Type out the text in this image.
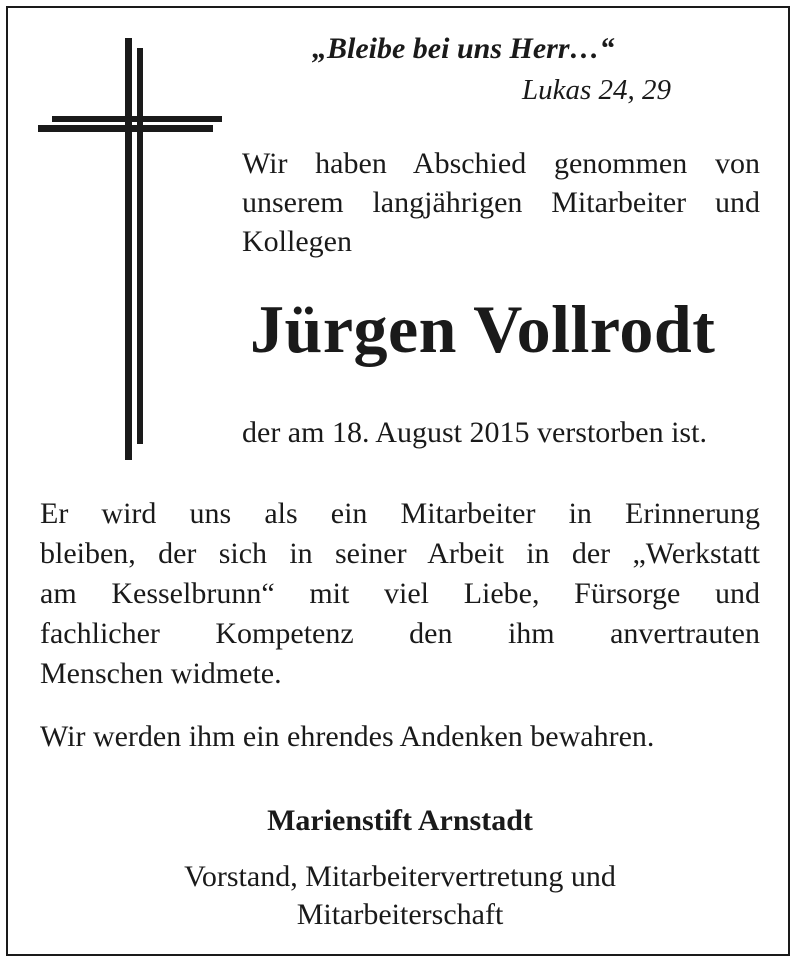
„Bleibe bei uns Herr…“
Lukas 24, 29
Wir haben Abschied genommen von
unserem langjährigen Mitarbeiter und
Kollegen
Jürgen Vollrodt
der am 18. August 2015 verstorben ist.
Er wird uns als ein Mitarbeiter in Erinnerung
bleiben, der sich in seiner Arbeit in der „Werkstatt
am Kesselbrunn“ mit viel Liebe, Fürsorge und
fachlicher Kompetenz den ihm anvertrauten
Menschen widmete.
Wir werden ihm ein ehrendes Andenken bewahren.
Marienstift Arnstadt
Vorstand, Mitarbeitervertretung und
Mitarbeiterschaft
